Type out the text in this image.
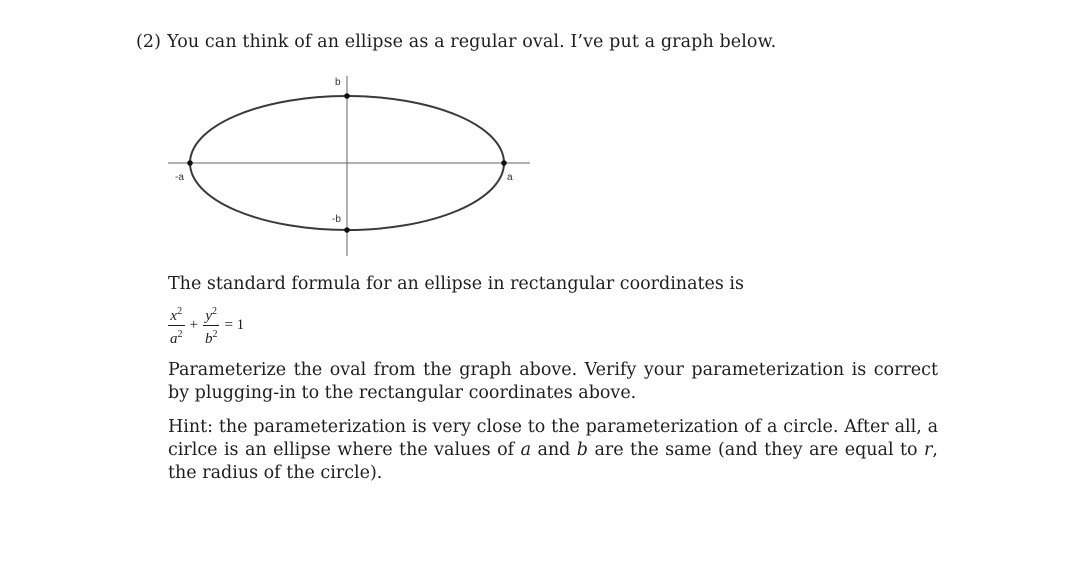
(2) You can think of an ellipse as a regular oval. I’ve put a graph below.
b
-b
-a	a
The standard formula for an ellipse in rectangular coordinates is
$\frac{x^2}{a^2} + \frac{y^2}{b^2} = 1$
Parameterize the oval from the graph above. Verify your parameterization is correct by plugging-in to the rectangular coordinates above.
Hint: the parameterization is very close to the parameterization of a circle. After all, a cirlce is an ellipse where the values of a and b are the same (and they are equal to r, the radius of the circle).
